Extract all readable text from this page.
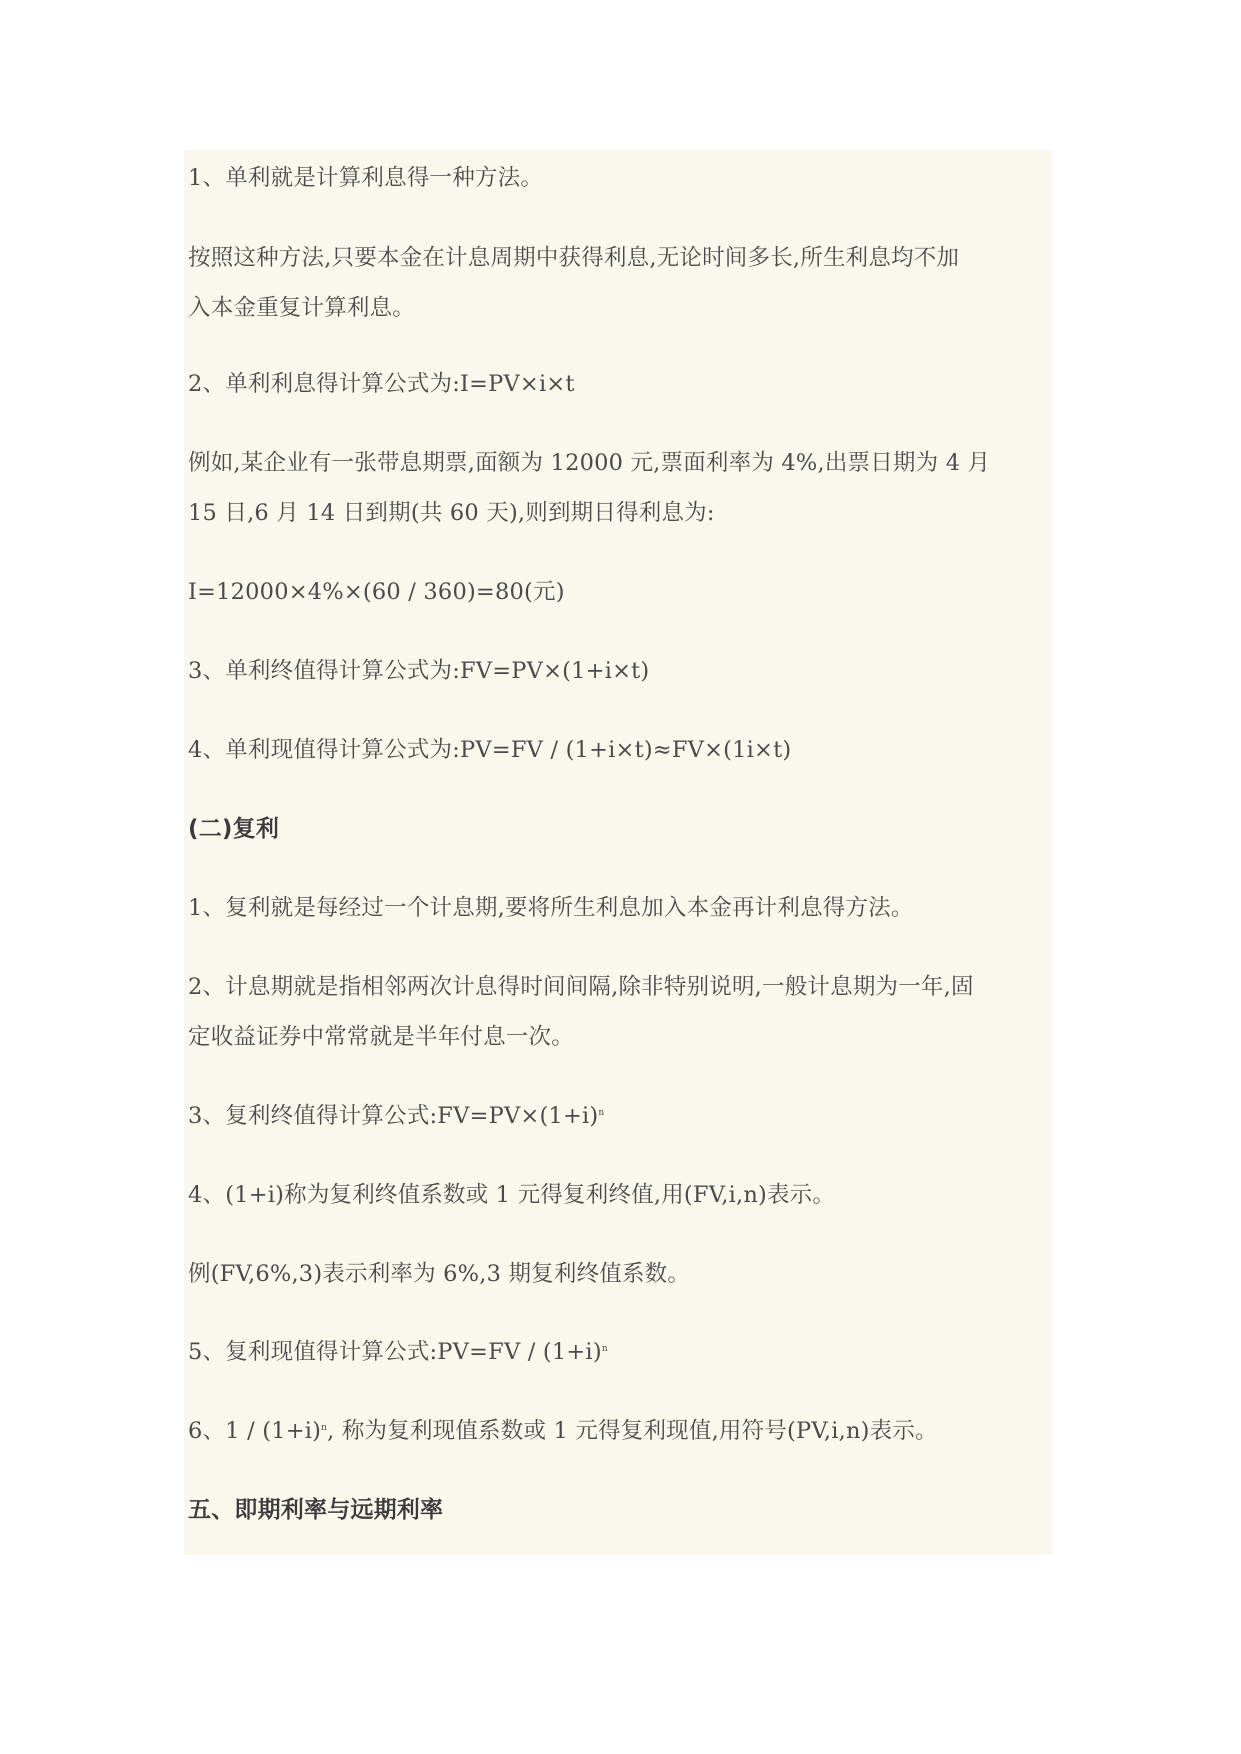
1、单利就是计算利息得一种方法。

按照这种方法,只要本金在计息周期中获得利息,无论时间多长,所生利息均不加
入本金重复计算利息。

2、单利利息得计算公式为:I=PV×i×t

例如,某企业有一张带息期票,面额为 12000 元,票面利率为 4%,出票日期为 4 月
15 日,6 月 14 日到期(共 60 天),则到期日得利息为:

I=12000×4%×(60 / 360)=80(元)

3、单利终值得计算公式为:FV=PV×(1+i×t)

4、单利现值得计算公式为:PV=FV / (1+i×t)≈FV×(1i×t)

(二)复利

1、复利就是每经过一个计息期,要将所生利息加入本金再计利息得方法。

2、计息期就是指相邻两次计息得时间间隔,除非特别说明,一般计息期为一年,固
定收益证券中常常就是半年付息一次。

3、复利终值得计算公式$:FV=PV\times(1+i)^n$

4、(1+i)称为复利终值系数或 1 元得复利终值,用(FV,i,n)表示。

例(FV,6%,3)表示利率为 6%,3 期复利终值系数。

5、复利现值得计算公式:PV=FV / $(1+i)^n$

6、$1 / (1+i)^n$, 称为复利现值系数或 1 元得复利现值,用符号(PV,i,n)表示。

五、即期利率与远期利率
